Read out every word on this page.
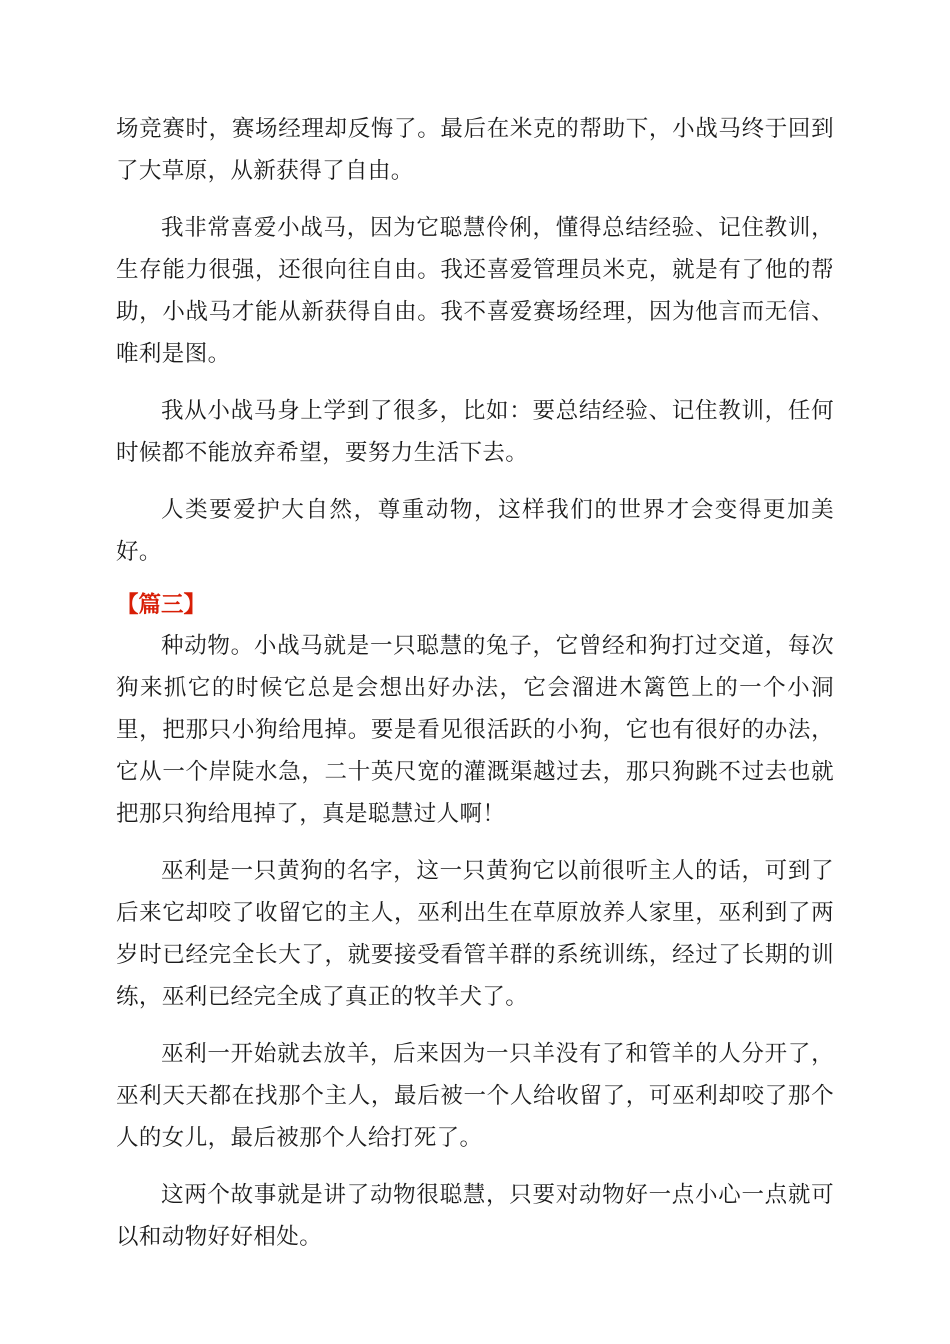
场竞赛时，赛场经理却反悔了。最后在米克的帮助下，小战马终于回到了大草原，从新获得了自由。

我非常喜爱小战马，因为它聪慧伶俐，懂得总结经验、记住教训，生存能力很强，还很向往自由。我还喜爱管理员米克，就是有了他的帮助，小战马才能从新获得自由。我不喜爱赛场经理，因为他言而无信、唯利是图。

我从小战马身上学到了很多，比如：要总结经验、记住教训，任何时候都不能放弃希望，要努力生活下去。

人类要爱护大自然，尊重动物，这样我们的世界才会变得更加美好。

【篇三】

种动物。小战马就是一只聪慧的兔子，它曾经和狗打过交道，每次狗来抓它的时候它总是会想出好办法，它会溜进木篱笆上的一个小洞里，把那只小狗给甩掉。要是看见很活跃的小狗，它也有很好的办法，它从一个岸陡水急，二十英尺宽的灌溉渠越过去，那只狗跳不过去也就把那只狗给甩掉了，真是聪慧过人啊！

巫利是一只黄狗的名字，这一只黄狗它以前很听主人的话，可到了后来它却咬了收留它的主人，巫利出生在草原放养人家里，巫利到了两岁时已经完全长大了，就要接受看管羊群的系统训练，经过了长期的训练，巫利已经完全成了真正的牧羊犬了。

巫利一开始就去放羊，后来因为一只羊没有了和管羊的人分开了，巫利天天都在找那个主人，最后被一个人给收留了，可巫利却咬了那个人的女儿，最后被那个人给打死了。

这两个故事就是讲了动物很聪慧，只要对动物好一点小心一点就可以和动物好好相处。
